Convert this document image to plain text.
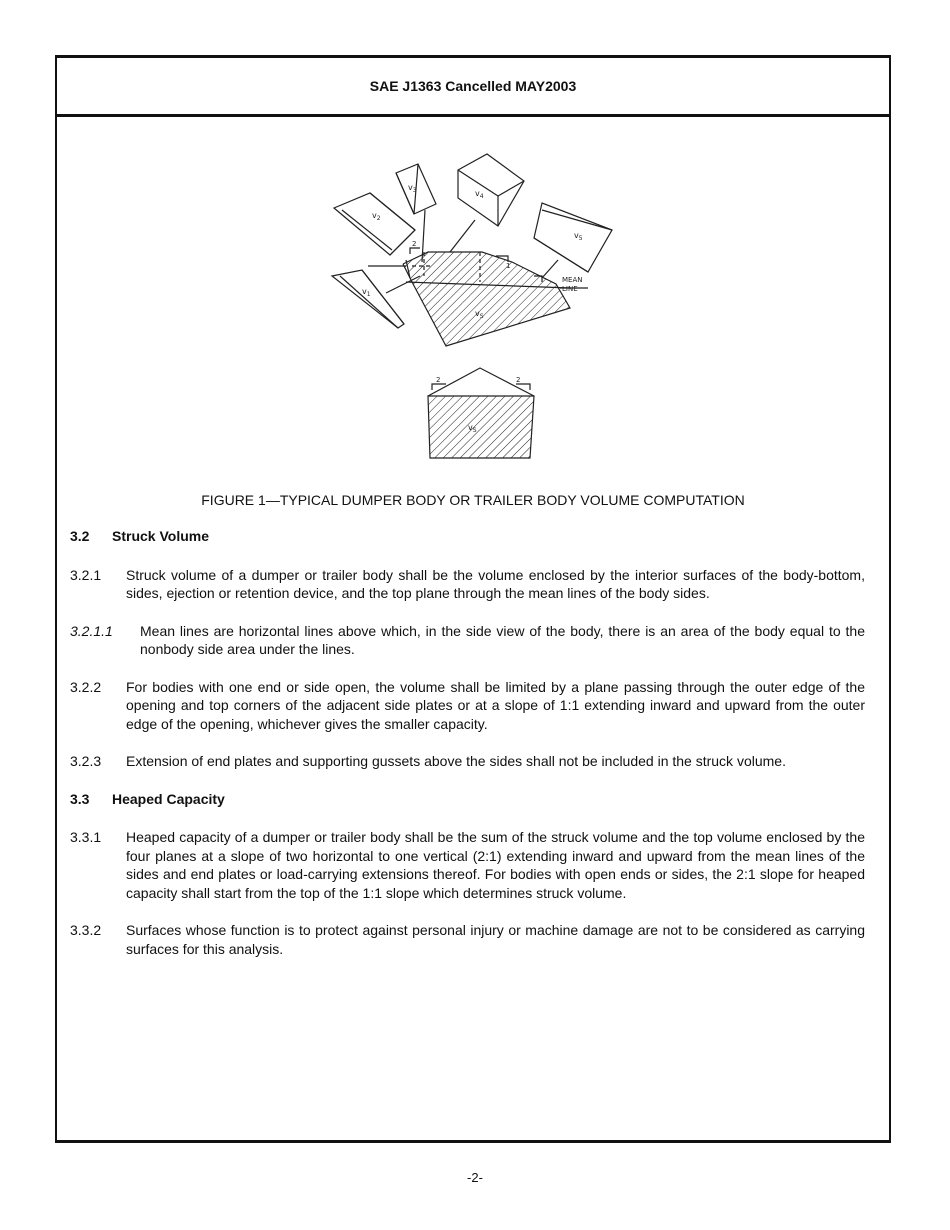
SAE J1363 Cancelled MAY2003
$v_1$
$v_2$
$v_3$	$v_4$
$v_5$
$v_S$
$v_S$
2
1
MEAN
LINE
2	2
FIGURE 1—TYPICAL DUMPER BODY OR TRAILER BODY VOLUME COMPUTATION
3.2	Struck Volume
3.2.1	Struck volume of a dumper or trailer body shall be the volume enclosed by the interior surfaces of the body-bottom, sides, ejection or retention device, and the top plane through the mean lines of the body sides.
3.2.1.1	Mean lines are horizontal lines above which, in the side view of the body, there is an area of the body equal to the nonbody side area under the lines.
3.2.2	For bodies with one end or side open, the volume shall be limited by a plane passing through the outer edge of the opening and top corners of the adjacent side plates or at a slope of 1:1 extending inward and upward from the outer edge of the opening, whichever gives the smaller capacity.
3.2.3	Extension of end plates and supporting gussets above the sides shall not be included in the struck volume.
3.3	Heaped Capacity
3.3.1	Heaped capacity of a dumper or trailer body shall be the sum of the struck volume and the top volume enclosed by the four planes at a slope of two horizontal to one vertical (2:1) extending inward and upward from the mean lines of the sides and end plates or load-carrying extensions thereof. For bodies with open ends or sides, the 2:1 slope for heaped capacity shall start from the top of the 1:1 slope which determines struck volume.
3.3.2	Surfaces whose function is to protect against personal injury or machine damage are not to be considered as carrying surfaces for this analysis.
-2-
